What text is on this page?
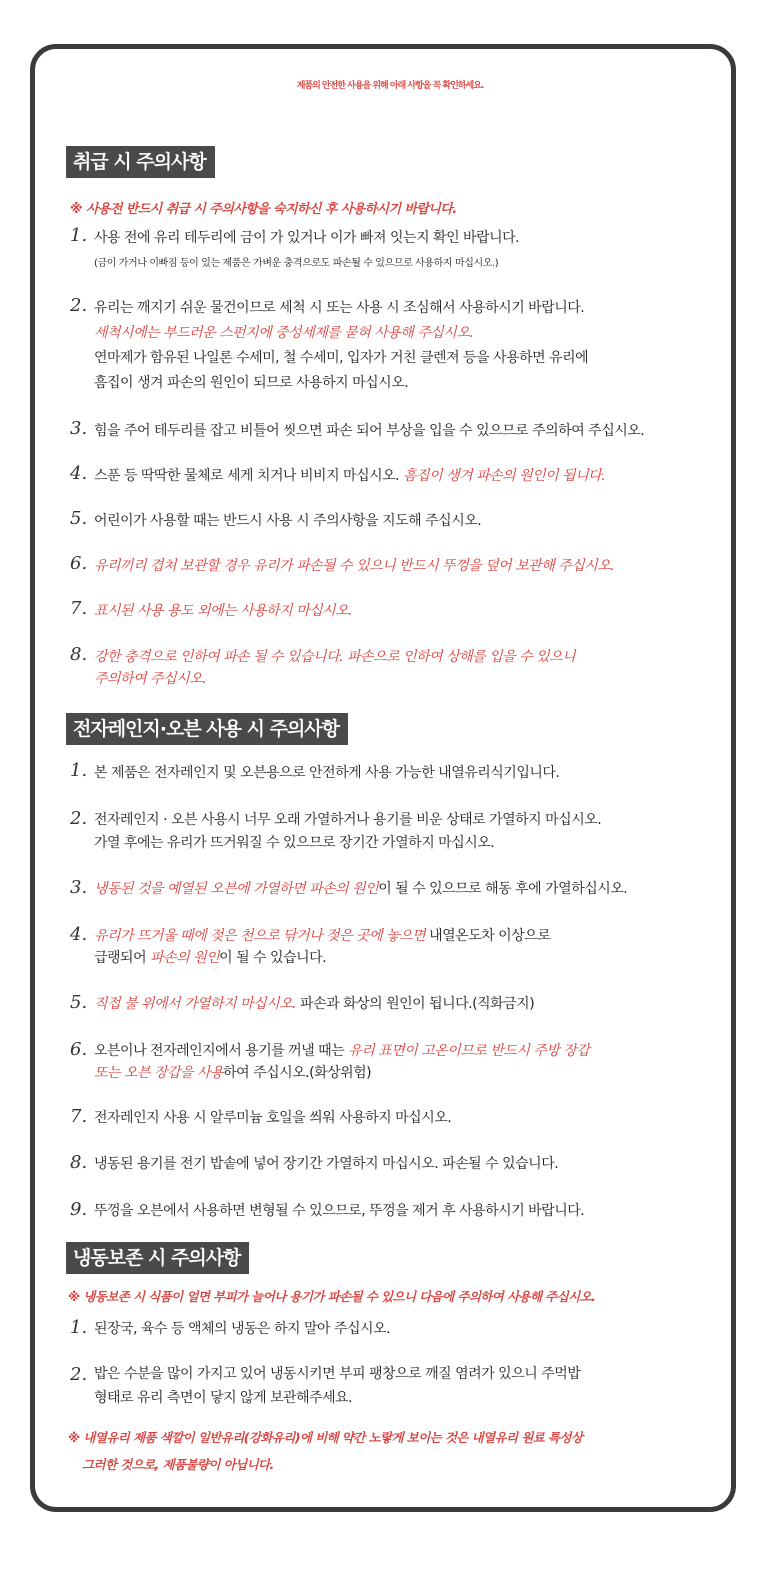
제품의 안전한 사용을 위해 아래 사항을 꼭 확인하세요.
취급 시 주의사항
※ 사용전 반드시 취급 시 주의사항을 숙지하신 후 사용하시기 바랍니다.
1. 사용 전에 유리 테두리에 금이 가 있거나 이가 빠져 잇는지 확인 바랍니다.
(금이 가거나 이빠짐 등이 있는 제품은 가벼운 충격으로도 파손될 수 있으므로 사용하지 마십시오.)
2. 유리는 깨지기 쉬운 물건이므로 세척 시 또는 사용 시 조심해서 사용하시기 바랍니다.
세척시에는 부드러운 스펀지에 중성세제를 묻혀 사용해 주십시오.
연마제가 함유된 나일론 수세미, 철 수세미, 입자가 거친 클렌져 등을 사용하면 유리에
흠집이 생겨 파손의 원인이 되므로 사용하지 마십시오.
3. 힘을 주어 테두리를 잡고 비틀어 씻으면 파손 되어 부상을 입을 수 있으므로 주의하여 주십시오.
4. 스푼 등 딱딱한 물체로 세게 치거나 비비지 마십시오. 흠집이 생겨 파손의 원인이 됩니다.
5. 어린이가 사용할 때는 반드시 사용 시 주의사항을 지도해 주십시오.
6. 유리끼리 겹쳐 보관할 경우 유리가 파손될 수 있으니 반드시 뚜껑을 덮어 보관해 주십시오.
7. 표시된 사용 용도 외에는 사용하지 마십시오.
8. 강한 충격으로 인하여 파손 될 수 있습니다. 파손으로 인하여 상해를 입을 수 있으니
주의하여 주십시오.
전자레인지·오븐 사용 시 주의사항
1. 본 제품은 전자레인지 및 오븐용으로 안전하게 사용 가능한 내열유리식기입니다.
2. 전자레인지 · 오븐 사용시 너무 오래 가열하거나 용기를 비운 상태로 가열하지 마십시오.
가열 후에는 유리가 뜨거워질 수 있으므로 장기간 가열하지 마십시오.
3. 냉동된 것을 예열된 오븐에 가열하면 파손의 원인이 될 수 있으므로 해동 후에 가열하십시오.
4. 유리가 뜨거울 때에 젖은 천으로 닦거나 젖은 곳에 놓으면 내열온도차 이상으로
급랭되어 파손의 원인이 될 수 있습니다.
5. 직접 불 위에서 가열하지 마십시오. 파손과 화상의 원인이 됩니다.(직화금지)
6. 오븐이나 전자레인지에서 용기를 꺼낼 때는 유리 표면이 고온이므로 반드시 주방 장갑
또는 오븐 장갑을 사용하여 주십시오.(화상위험)
7. 전자레인지 사용 시 알루미늄 호일을 씌워 사용하지 마십시오.
8. 냉동된 용기를 전기 밥솥에 넣어 장기간 가열하지 마십시오. 파손될 수 있습니다.
9. 뚜껑을 오븐에서 사용하면 변형될 수 있으므로, 뚜껑을 제거 후 사용하시기 바랍니다.
냉동보존 시 주의사항
※ 냉동보존 시 식품이 얼면 부피가 늘어나 용기가 파손될 수 있으니 다음에 주의하여 사용해 주십시오.
1. 된장국, 육수 등 액체의 냉동은 하지 말아 주십시오.
2. 밥은 수분을 많이 가지고 있어 냉동시키면 부피 팽창으로 깨질 염려가 있으니 주먹밥
형태로 유리 측면이 닿지 않게 보관해주세요.
※ 내열유리 제품 색깔이 일반유리(강화유리)에 비해 약간 노랗게 보이는 것은 내열유리 원료 특성상
그러한 것으로, 제품불량이 아닙니다.
